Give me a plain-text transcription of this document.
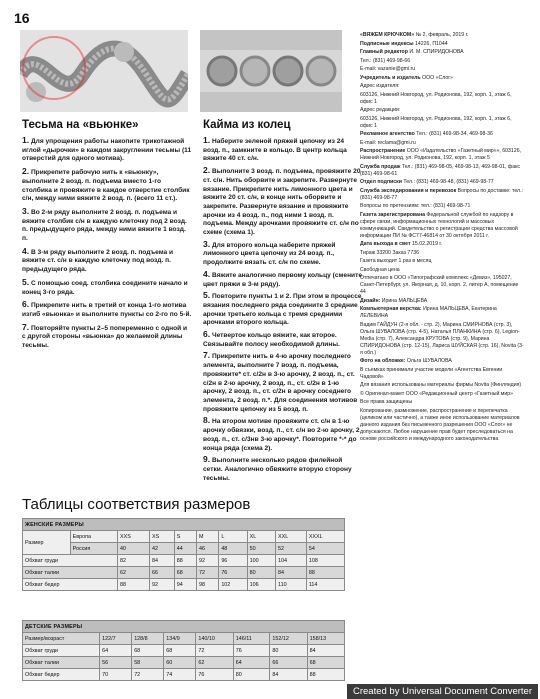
16
Тесьма на «вьюнке»
1. Для упрощения работы накопите трикотажной иглой «дырочки» в каждом закруглении тесьмы (11 отверстий для одного мотива).
2. Прикрепите рабочую нить к «вьюнку», выполните 2 возд. п. подъема вместо 1-го столбика и провяжите в каждое отверстие столбик с/н, между ними вяжите 2 возд. п. (всего 11 ст.).
3. Во 2-м ряду выполните 2 возд. п. подъема и вяжите столбик с/н в каждую клеточку под 2 возд. п. предыдущего ряда, между ними вяжите 1 возд. п.
4. В 3-м ряду выполните 2 возд. п. подъема и вяжите ст. с/н в каждую клеточку под возд. п. предыдущего ряда.
5. С помощью соед. столбика соедините начало и конец 3-го ряда.
6. Прикрепите нить в третий от конца 1-го мотива изгиб «вьюнка» и выполните пункты со 2-го по 5-й.
7. Повторяйте пункты 2–5 попеременно с одной и с другой стороны «вьюнка» до желаемой длины тесьмы.
Кайма из колец
1. Наберите зеленой пряжей цепочку из 24 возд. п., замкните в кольцо. В центр кольца вяжите 40 ст. с/н.
2. Выполните 3 возд. п. подъема, провяжите 20 ст. с/н. Нить оборвите и закрепите. Развернуте вязание. Прикрепите нить лимонного цвета и вяжите 20 ст. с/н, в конце нить оборвите и закрепите. Развернуте вязание и провяжите арочки из 4 возд. п., под ними 1 возд. п. подъема. Между арочками провяжите ст. с/н по схеме (схема 1).
3. Для второго кольца наберите пряжей лимонного цвета цепочку из 24 возд. п., продолжите вязать ст. с/н по схеме.
4. Вяжите аналогично первому кольцу (смените цвет пряжи в 3-м ряду).
5. Повторите пункты 1 и 2. При этом в процессе вязания последнего ряда соедините 3 средние арочки третьего кольца с тремя средними арочками второго кольца.
6. Четвертое кольцо вяжите, как второе. Связывайте полосу необходимой длины.
7. Прикрепите нить в 4-ю арочку последнего элемента, выполните 7 возд. п. подъема, провяжите* ст. с/2н в 3-ю арочку, 2 возд. п., ст. с/2н в 2-ю арочку, 2 возд. п., ст. с/2н в 1-ю арочку, 2 возд. п., ст. с/2н в арочку соседнего элемента, 2 возд. п.*. Для соединения мотивов провяжите цепочку из 5 возд. п.
8. На втором мотиве провяжите ст. с/н в 1-ю арочку обвязки, возд. п., ст. с/н во 2-ю арочку, 2 возд. п., ст. с/3нв 3-ю арочку*. Повторите *-* до конца ряда (схема 2).
9. Выполните несколько рядов филейной сетки. Аналогично обвяжите вторую сторону тесьмы.
«ВЯЖЕМ КРЮЧКОМ» № 2, февраль, 2019 г.
Подписные индексы 14226, П1044
Главный редактор И. М. СПИРИДОНОВА
Тел.: (831) 469-98-66
E-mail: vazanie@gmi.ru
Учредитель и издатель ООО «Слог»
Адрес издателя:
603126, Нижний Новгород, ул. Родионова, 192, корп. 1, этаж 6, офис 1
Адрес редакции:
603126, Нижний Новгород, ул. Родионова, 192, корп. 1, этаж 6, офис 1
Рекламное агентство Тел.: (831) 469-98-34, 469-98-36
E-mail: reclama@gmi.ru
Распространение ООО «Издательство «Газетный мир»», 603126, Нижний Новгород, ул. Родионова, 192, корп. 1, этаж 5
Служба продаж Тел.: (831) 469-98-05, 469-98-13, 469-98-01, факс (831) 469-98-61
Отдел подписки Тел.: (831) 469-98-48, (831) 469-98-77
Служба экспедирования и перевозок Вопросы по доставке: тел.: (831) 469-98-77
Вопросы по претензиям: тел.: (831) 469-98-71
Газета зарегистрирована Федеральной службой по надзору в сфере связи, информационных технологий и массовых коммуникаций. Свидетельство о регистрации средства массовой информации ПИ № ФС77-46814 от 30 октября 2011 г.
Дата выхода в свет 15.02.2019 г.
Тираж 33200 Заказ 7736
Газета выходит 1 раз в месяц
Свободная цена
Отпечатано в ООО «Типографский комплекс «Девиз», 195027, Санкт-Петербург, ул. Якорная, д. 10, корп. 2, литер А, помещение 44
Дизайн: Ирина МАЛЬЦЕВА
Компьютерная верстка: Ирина МАЛЬЦЕВА, Екатерина ЛЕЛЕВИНА
Вадим ГАЙДУН (2-я обл. - стр. 2), Марина СМИРНОВА (стр. 3), Ольга ШУВАЛОВА (стр. 4-5), Наталья ПЛАНКИНА (стр. 6), Legion-Media (стр. 7), Александра КРУТОВА (стр. 9), Марина СПИРИДОНОВА (стр. 12-15), Лариса ШУЙСКАЯ (стр. 16), Novita (3-я обл.)
Фото на обложке: Ольга ШУВАЛОВА
В съемках принимали участие модели «Агентства Евгении Чадовой»
Для вязания использованы материалы фирмы Novita (Финляндия)
© Оригинал-макет ООО «Редакционный центр «Газетный мир»
Все права защищены
Копирование, размножение, распространение и перепечатка (целиком или частично), а также иное использование материалов данного издания без письменного разрешения ООО «Слог» не допускаются. Любое нарушение прав будет преследоваться на основе российского и международного законодательства
Таблицы соответствия размеров
ЖЕНСКИЕ РАЗМЕРЫ									
Размер	Европа	XXS	XS	S	M	L	XL	XXL	XXXL
	Россия	40	42	44	46	48	50	52	54
Обхват груди		82	84	88	92	96	100	104	108
Обхват талии		62	66	68	72	76	80	84	88
Обхват бедер		88	92	94	98	102	106	110	114
ДЕТСКИЕ РАЗМЕРЫ							
Размер/возраст	122/7	128/8	134/9	140/10	146/11	152/12	158/13
Обхват груди	64	68	68	72	76	80	84
Обхват талии	56	58	60	62	64	66	68
Обхват бедер	70	72	74	76	80	84	88
Created by Universal Document Converter
